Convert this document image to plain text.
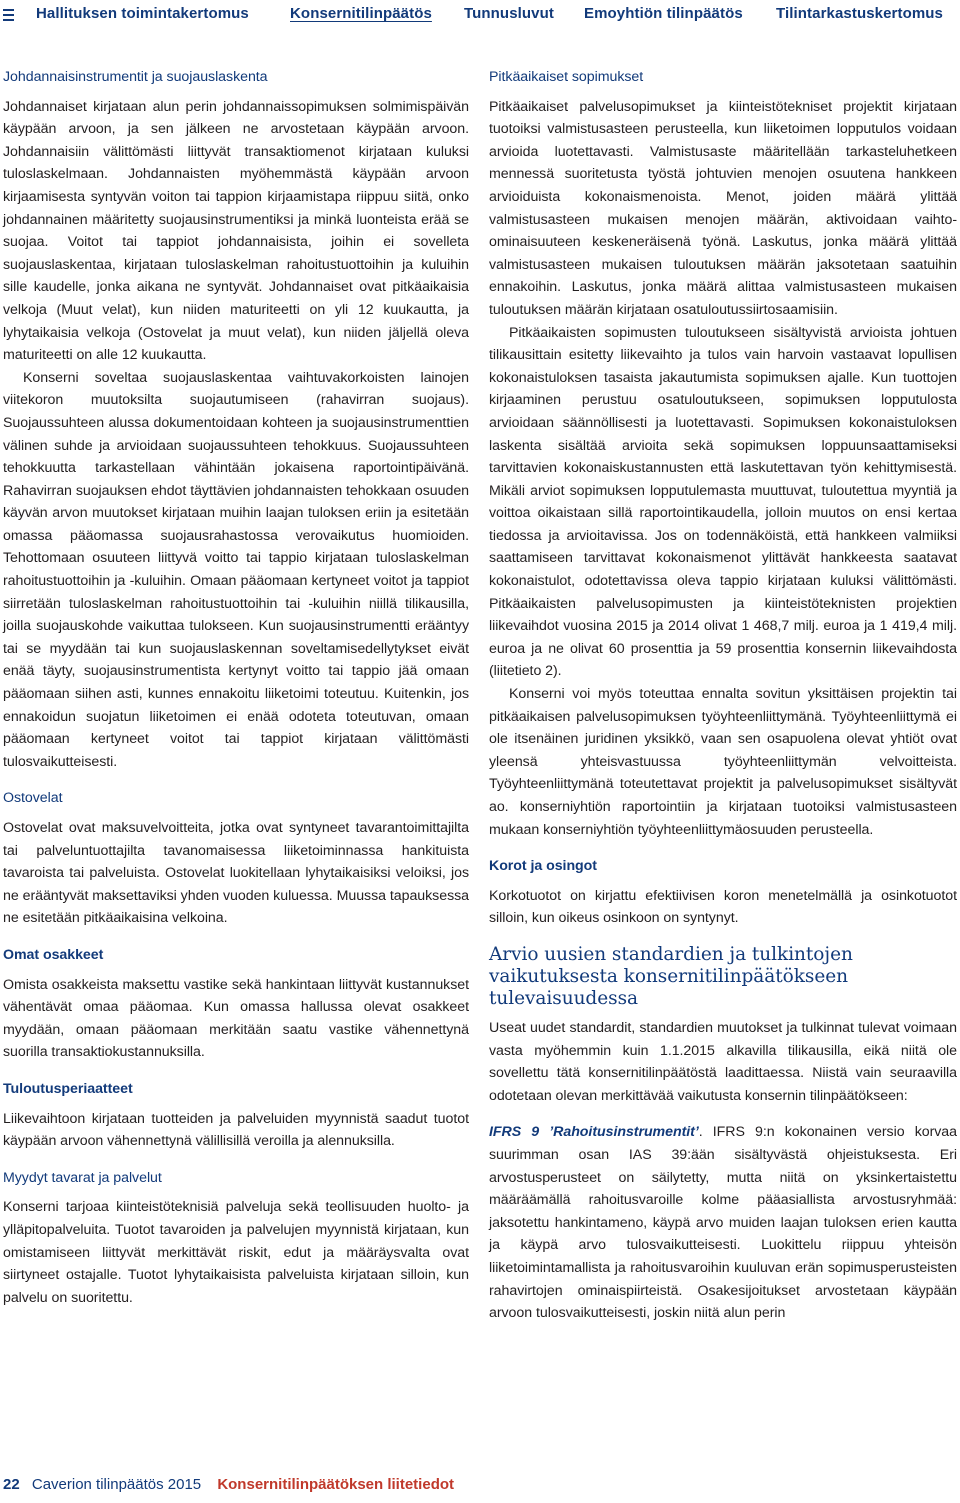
Hallituksen toimintakertomus	Konsernitilinpäätös Tunnusluvut Emoyhtiön tilinpäätös Tilintarkastuskertomus
Johdannaisinstrumentit ja suojauslaskenta

Johdannaiset kirjataan alun perin johdannaissopimuksen solmimispäivän käypään arvoon, ja sen jälkeen ne arvostetaan käypään arvoon. Johdannaisiin välittömästi liittyvät transaktiomenot kirjataan kuluksi tuloslaskelmaan. Johdannaisten myöhemmästä käypään arvoon kirjaamisesta syntyvän voiton tai tappion kirjaamistapa riippuu siitä, onko johdannainen määritetty suojausinstrumentiksi ja minkä luonteista erää se suojaa. Voitot tai tappiot johdannaisista, joihin ei sovelleta suojauslaskentaa, kirjataan tuloslaskelman rahoitustuottoihin ja kuluihin sille kaudelle, jonka aikana ne syntyvät. Johdannaiset ovat pitkäaikaisia velkoja (Muut velat), kun niiden maturiteetti on yli 12 kuukautta, ja lyhytaikaisia velkoja (Ostovelat ja muut velat), kun niiden jäljellä oleva maturiteetti on alle 12 kuukautta.

Konserni soveltaa suojauslaskentaa vaihtuvakorkoisten lainojen viitekoron muutoksilta suojautumiseen (rahavirran suojaus). Suojaussuhteen alussa dokumentoidaan kohteen ja suojausinstrumenttien välinen suhde ja arvioidaan suojaussuhteen tehokkuus. Suojaussuhteen tehokkuutta tarkastellaan vähintään jokaisena raportointipäivänä. Rahavirran suojauksen ehdot täyttävien johdannaisten tehokkaan osuuden käyvän arvon muutokset kirjataan muihin laajan tuloksen eriin ja esitetään omassa pääomassa suojausrahastossa verovaikutus huomioiden. Tehottomaan osuuteen liittyvä voitto tai tappio kirjataan tuloslaskelman rahoitustuottoihin ja -kuluihin. Omaan pääomaan kertyneet voitot ja tappiot siirretään tuloslaskelman rahoitustuottoihin tai -kuluihin niillä tilikausilla, joilla suojauskohde vaikuttaa tulokseen. Kun suojausinstrumentti erääntyy tai se myydään tai kun suojauslaskennan soveltamisedellytykset eivät enää täyty, suojausinstrumentista kertynyt voitto tai tappio jää omaan pääomaan siihen asti, kunnes ennakoitu liiketoimi toteutuu. Kuitenkin, jos ennakoidun suojatun liiketoimen ei enää odoteta toteutuvan, omaan pääomaan kertyneet voitot tai tappiot kirjataan välittömästi tulosvaikutteisesti.

Ostovelat

Ostovelat ovat maksuvelvoitteita, jotka ovat syntyneet tavarantoimittajilta tai palveluntuottajilta tavanomaisessa liiketoiminnassa hankituista tavaroista tai palveluista. Ostovelat luokitellaan lyhytaikaisiksi veloiksi, jos ne erääntyvät maksettaviksi yhden vuoden kuluessa. Muussa tapauksessa ne esitetään pitkäaikaisina velkoina.

Omat osakkeet

Omista osakkeista maksettu vastike sekä hankintaan liittyvät kustannukset vähentävät omaa pääomaa. Kun omassa hallussa olevat osakkeet myydään, omaan pääomaan merkitään saatu vastike vähennettynä suorilla transaktiokustannuksilla.

Tuloutusperiaatteet

Liikevaihtoon kirjataan tuotteiden ja palveluiden myynnistä saadut tuotot käypään arvoon vähennettynä välillisillä veroilla ja alennuksilla.

Myydyt tavarat ja palvelut

Konserni tarjoaa kiinteistöteknisiä palveluja sekä teollisuuden huolto- ja ylläpitopalveluita. Tuotot tavaroiden ja palvelujen myynnistä kirjataan, kun omistamiseen liittyvät merkittävät riskit, edut ja määräysvalta ovat siirtyneet ostajalle. Tuotot lyhytaikaisista palveluista kirjataan silloin, kun palvelu on suoritettu.

Pitkäaikaiset sopimukset

Pitkäaikaiset palvelusopimukset ja kiinteistötekniset projektit kirjataan tuotoiksi valmistusasteen perusteella, kun liiketoimen lopputulos voidaan arvioida luotettavasti. Valmistusaste määritellään tarkasteluhetkeen mennessä suoritetusta työstä johtuvien menojen osuutena hankkeen arvioiduista kokonaismenoista. Menot, joiden määrä ylittää valmistusasteen mukaisen menojen määrän, aktivoidaan vaihto-ominaisuuteen keskeneräisenä työnä. Laskutus, jonka määrä ylittää valmistusasteen mukaisen tuloutuksen määrän jaksotetaan saatuihin ennakoihin. Laskutus, jonka määrä alittaa valmistusasteen mukaisen tuloutuksen määrän kirjataan osatuloutussiirtosaamisiin.

Pitkäaikaisten sopimusten tuloutukseen sisältyvistä arvioista johtuen tilikausittain esitetty liikevaihto ja tulos vain harvoin vastaavat lopullisen kokonaistuloksen tasaista jakautumista sopimuksen ajalle. Kun tuottojen kirjaaminen perustuu osatuloutukseen, sopimuksen lopputulosta arvioidaan säännöllisesti ja luotettavasti. Sopimuksen kokonaistuloksen laskenta sisältää arvioita sekä sopimuksen loppuunsaattamiseksi tarvittavien kokonaiskustannusten että laskutettavan työn kehittymisestä. Mikäli arviot sopimuksen lopputulemasta muuttuvat, tuloutettua myyntiä ja voittoa oikaistaan sillä raportointikaudella, jolloin muutos on ensi kertaa tiedossa ja arvioitavissa. Jos on todennäköistä, että hankkeen valmiiksi saattamiseen tarvittavat kokonaismenot ylittävät hankkeesta saatavat kokonaistulot, odotettavissa oleva tappio kirjataan kuluksi välittömästi. Pitkäaikaisten palvelusopimusten ja kiinteistöteknisten projektien liikevaihdot vuosina 2015 ja 2014 olivat 1 468,7 milj. euroa ja 1 419,4 milj. euroa ja ne olivat 60 prosenttia ja 59 prosenttia konsernin liikevaihdosta (liitetieto 2).

Konserni voi myös toteuttaa ennalta sovitun yksittäisen projektin tai pitkäaikaisen palvelusopimuksen työyhteenliittymänä. Työyhteenliittymä ei ole itsenäinen juridinen yksikkö, vaan sen osapuolena olevat yhtiöt ovat yleensä yhteisvastuussa työyhteenliittymän velvoitteista. Työyhteenliittymänä toteutettavat projektit ja palvelusopimukset sisältyvät ao. konserniyhtiön raportointiin ja kirjataan tuotoiksi valmistusasteen mukaan konserniyhtiön työyhteenliittymäosuuden perusteella.

Korot ja osingot

Korkotuotot on kirjattu efektiivisen koron menetelmällä ja osinkotuotot silloin, kun oikeus osinkoon on syntynyt.

Arvio uusien standardien ja tulkintojen vaikutuksesta konsernitilinpäätökseen tulevaisuudessa

Useat uudet standardit, standardien muutokset ja tulkinnat tulevat voimaan vasta myöhemmin kuin 1.1.2015 alkavilla tilikausilla, eikä niitä ole sovellettu tätä konsernitilinpäätöstä laadittaessa. Niistä vain seuraavilla odotetaan olevan merkittävää vaikutusta konsernin tilinpäätökseen:

IFRS 9 ’Rahoitusinstrumentit’. IFRS 9:n kokonainen versio korvaa suurimman osan IAS 39:ään sisältyvästä ohjeistuksesta. Eri arvostusperusteet on säilytetty, mutta niitä on yksinkertaistettu määräämällä rahoitusvaroille kolme pääasiallista arvostusryhmää: jaksotettu hankintameno, käypä arvo muiden laajan tuloksen erien kautta ja käypä arvo tulosvaikutteisesti. Luokittelu riippuu yhteisön liiketoimintamallista ja rahoitusvaroihin kuuluvan erän sopimusperusteisten rahavirtojen ominaispiirteistä. Osakesijoitukset arvostetaan käypään arvoon tulosvaikutteisesti, joskin niitä alun perin

22 Caverion tilinpäätös 2015 Konsernitilinpäätöksen liitetiedot
